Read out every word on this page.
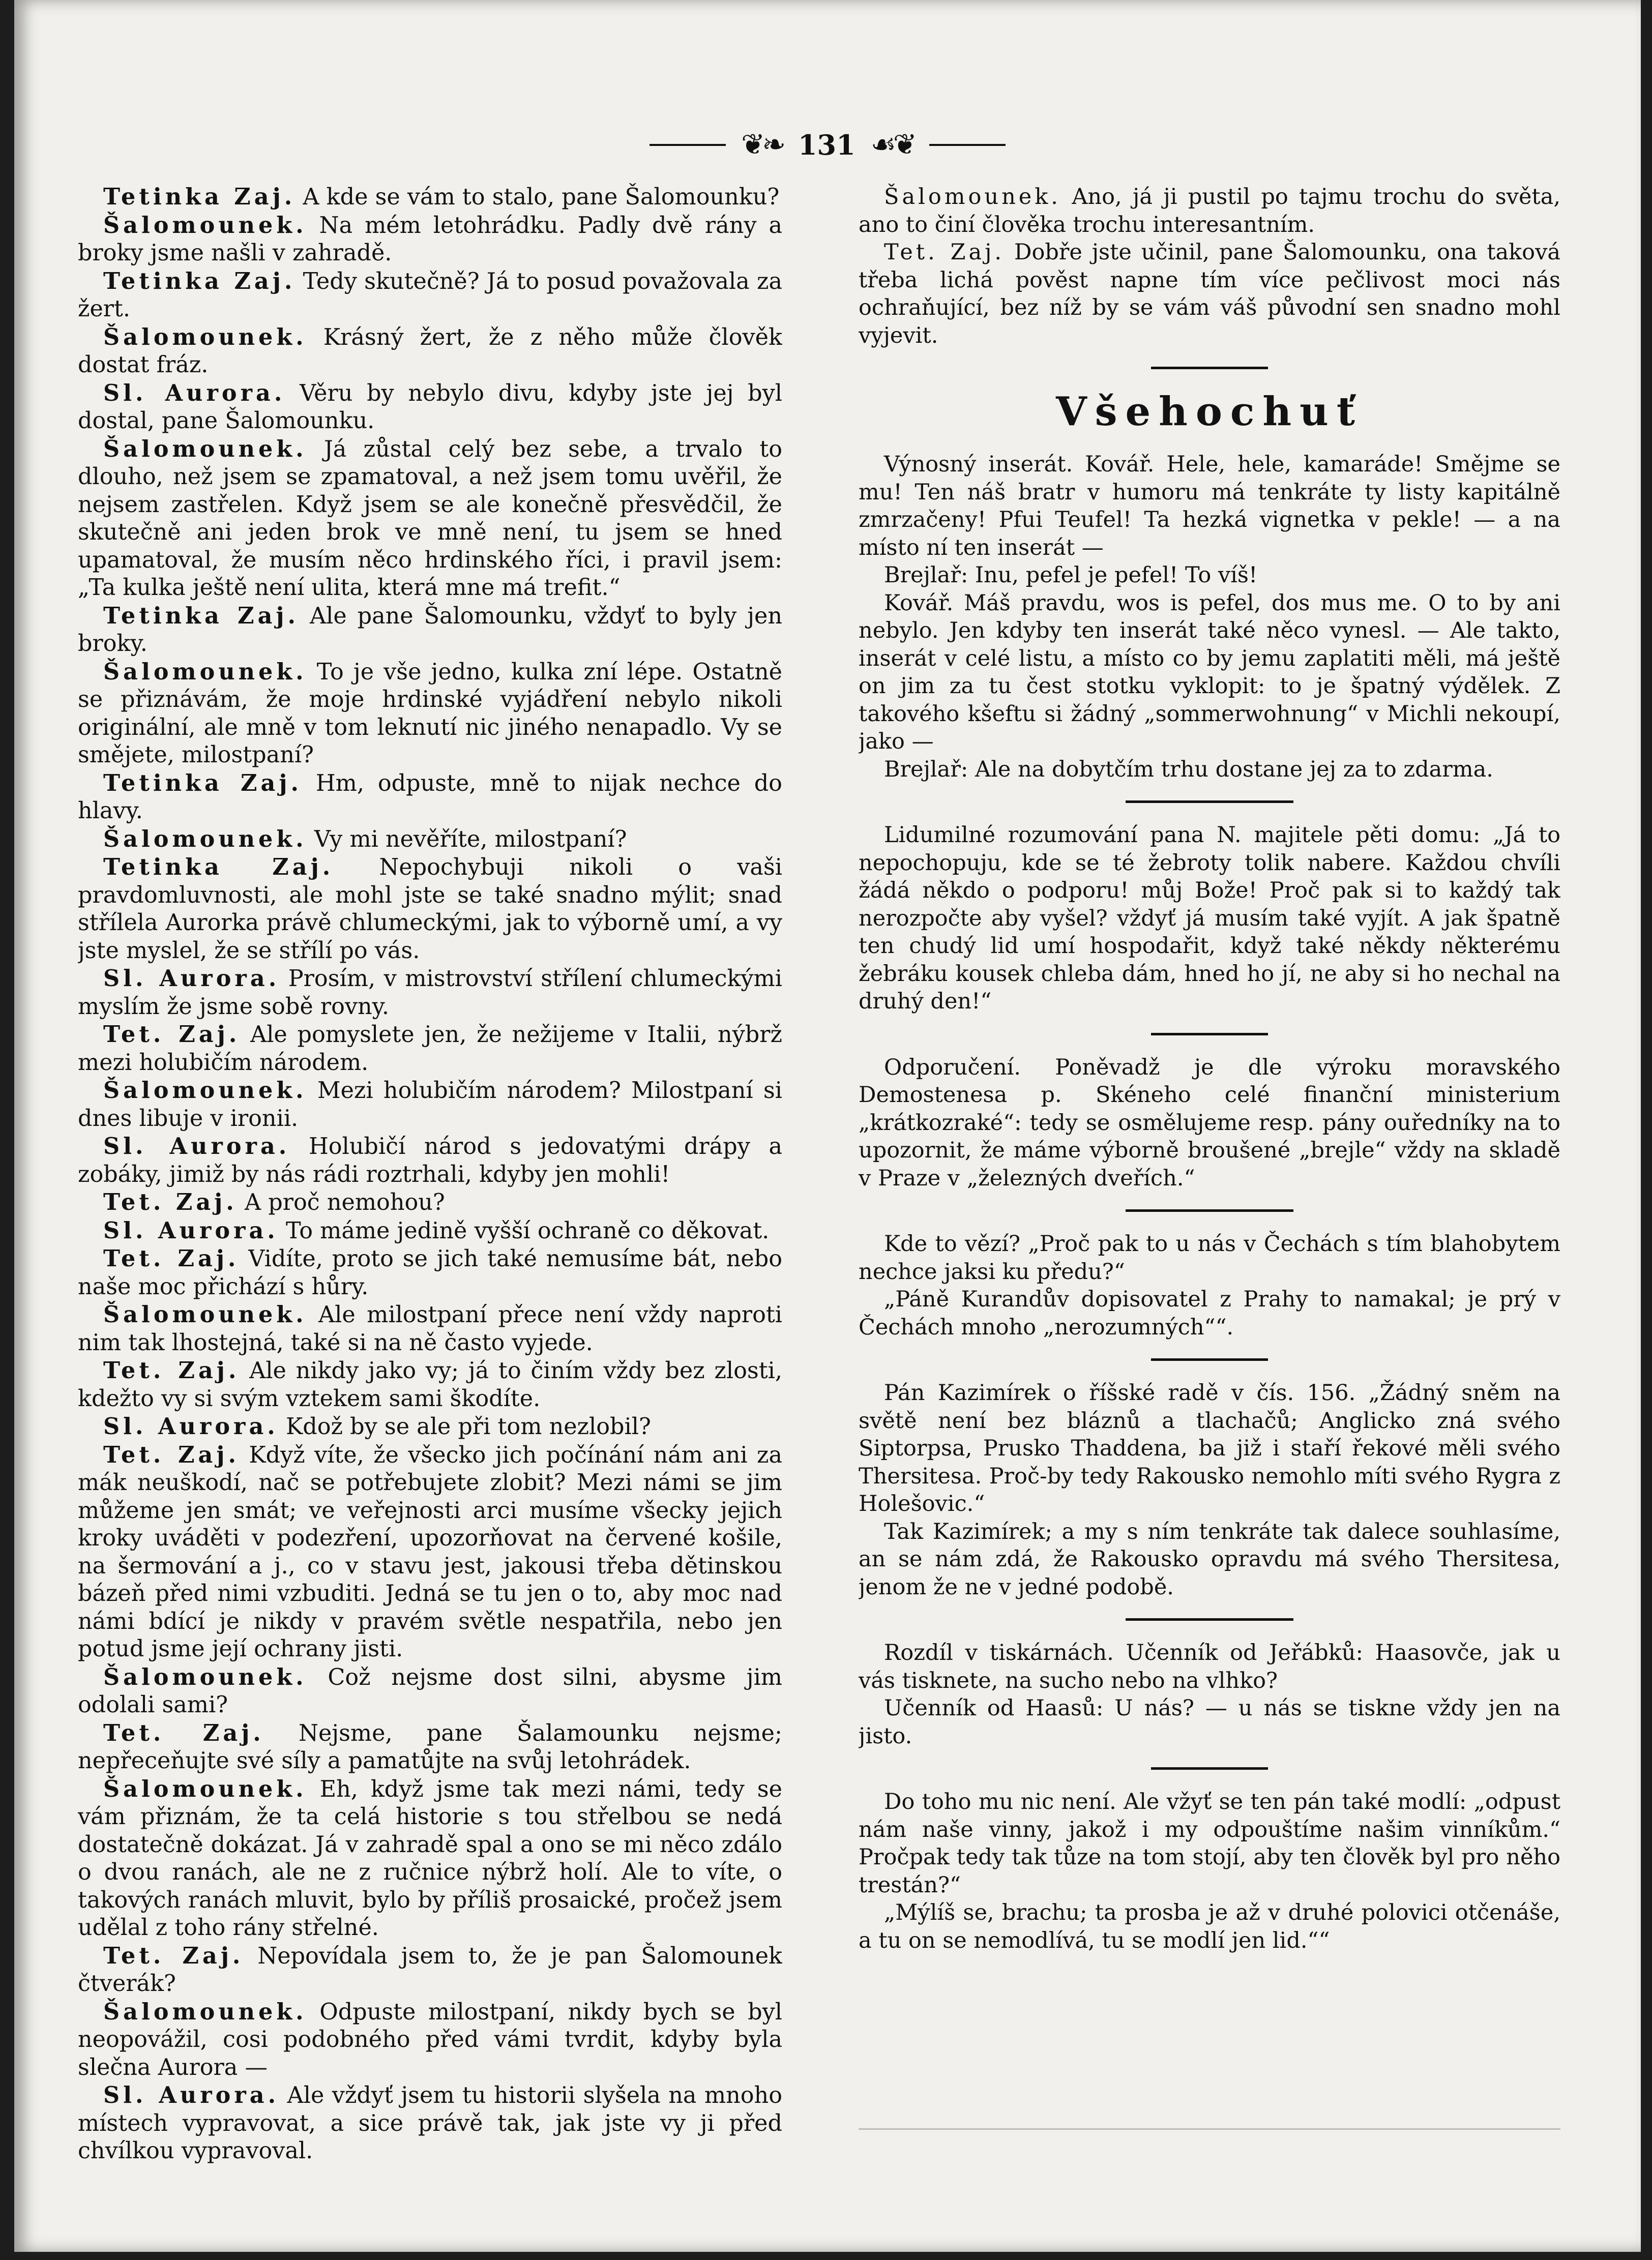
❦❧ 131 ☙❦

Tetinka Zaj. A kde se vám to stalo, pane Šalomounku?

Šalomounek. Na mém letohrádku. Padly dvě rány a broky jsme našli v zahradě.

Tetinka Zaj. Tedy skutečně? Já to posud považovala za žert.

Šalomounek. Krásný žert, že z něho může člověk dostat fráz.

Sl. Aurora. Věru by nebylo divu, kdyby jste jej byl dostal, pane Šalomounku.

Šalomounek. Já zůstal celý bez sebe, a trvalo to dlouho, než jsem se zpamatoval, a než jsem tomu uvěřil, že nejsem zastřelen. Když jsem se ale konečně přesvědčil, že skutečně ani jeden brok ve mně není, tu jsem se hned upamatoval, že musím něco hrdinského říci, i pravil jsem: „Ta kulka ještě není ulita, která mne má trefit.“

Tetinka Zaj. Ale pane Šalomounku, vždyť to byly jen broky.

Šalomounek. To je vše jedno, kulka zní lépe. Ostatně se přiznávám, že moje hrdinské vyjádření nebylo nikoli originální, ale mně v tom leknutí nic jiného nenapadlo. Vy se smějete, milostpaní?

Tetinka Zaj. Hm, odpuste, mně to nijak nechce do hlavy.

Šalomounek. Vy mi nevěříte, milostpaní?

Tetinka Zaj. Nepochybuji nikoli o vaši pravdomluvnosti, ale mohl jste se také snadno mýlit; snad střílela Aurorka právě chlumeckými, jak to výborně umí, a vy jste myslel, že se střílí po vás.

Sl. Aurora. Prosím, v mistrovství střílení chlumeckými myslím že jsme sobě rovny.

Tet. Zaj. Ale pomyslete jen, že nežijeme v Italii, nýbrž mezi holubičím národem.

Šalomounek. Mezi holubičím národem? Milostpaní si dnes libuje v ironii.

Sl. Aurora. Holubičí národ s jedovatými drápy a zobáky, jimiž by nás rádi roztrhali, kdyby jen mohli!

Tet. Zaj. A proč nemohou?

Sl. Aurora. To máme jedině vyšší ochraně co děkovat.

Tet. Zaj. Vidíte, proto se jich také nemusíme bát, nebo naše moc přichází s hůry.

Šalomounek. Ale milostpaní přece není vždy naproti nim tak lhostejná, také si na ně často vyjede.

Tet. Zaj. Ale nikdy jako vy; já to činím vždy bez zlosti, kdežto vy si svým vztekem sami škodíte.

Sl. Aurora. Kdož by se ale při tom nezlobil?

Tet. Zaj. Když víte, že všecko jich počínání nám ani za mák neuškodí, nač se potřebujete zlobit? Mezi námi se jim můžeme jen smát; ve veřejnosti arci musíme všecky jejich kroky uváděti v podezření, upozorňovat na červené košile, na šermování a j., co v stavu jest, jakousi třeba dětinskou bázeň před nimi vzbuditi. Jedná se tu jen o to, aby moc nad námi bdící je nikdy v pravém světle nespatřila, nebo jen potud jsme její ochrany jisti.

Šalomounek. Což nejsme dost silni, abysme jim odolali sami?

Tet. Zaj. Nejsme, pane Šalamounku nejsme; nepřeceňujte své síly a pamatůjte na svůj letohrádek.

Šalomounek. Eh, když jsme tak mezi námi, tedy se vám přiznám, že ta celá historie s tou střelbou se nedá dostatečně dokázat. Já v zahradě spal a ono se mi něco zdálo o dvou ranách, ale ne z ručnice nýbrž holí. Ale to víte, o takových ranách mluvit, bylo by příliš prosaické, pročež jsem udělal z toho rány střelné.

Tet. Zaj. Nepovídala jsem to, že je pan Šalomounek čtverák?

Šalomounek. Odpuste milostpaní, nikdy bych se byl neopovážil, cosi podobného před vámi tvrdit, kdyby byla slečna Aurora —

Sl. Aurora. Ale vždyť jsem tu historii slyšela na mnoho místech vypravovat, a sice právě tak, jak jste vy ji před chvílkou vypravoval.

Šalomounek. Ano, já ji pustil po tajmu trochu do světa, ano to činí člověka trochu interesantním.

Tet. Zaj. Dobře jste učinil, pane Šalomounku, ona taková třeba lichá pověst napne tím více pečlivost moci nás ochraňující, bez níž by se vám váš původní sen snadno mohl vyjevit.

Všehochuť

Výnosný inserát. Kovář. Hele, hele, kamaráde! Smějme se mu! Ten náš bratr v humoru má tenkráte ty listy kapitálně zmrzačeny! Pfui Teufel! Ta hezká vignetka v pekle! — a na místo ní ten inserát —

Brejlař: Inu, pefel je pefel! To víš!

Kovář. Máš pravdu, wos is pefel, dos mus me. O to by ani nebylo. Jen kdyby ten inserát také něco vynesl. — Ale takto, inserát v celé listu, a místo co by jemu zaplatiti měli, má ještě on jim za tu čest stotku vyklopit: to je špatný výdělek. Z takového kšeftu si žádný „sommerwohnung“ v Michli nekoupí, jako —

Brejlař: Ale na dobytčím trhu dostane jej za to zdarma.

Lidumilné rozumování pana N. majitele pěti domu: „Já to nepochopuju, kde se té žebroty tolik nabere. Každou chvíli žádá někdo o podporu! můj Bože! Proč pak si to každý tak nerozpočte aby vyšel? vždyť já musím také vyjít. A jak špatně ten chudý lid umí hospodařit, když také někdy některému žebráku kousek chleba dám, hned ho jí, ne aby si ho nechal na druhý den!“

Odporučení. Poněvadž je dle výroku moravského Demostenesa p. Skéneho celé finanční ministerium „krátkozraké“: tedy se osmělujeme resp. pány ouředníky na to upozornit, že máme výborně broušené „brejle“ vždy na skladě v Praze v „železných dveřích.“

Kde to vězí? „Proč pak to u nás v Čechách s tím blahobytem nechce jaksi ku předu?“

„Páně Kurandův dopisovatel z Prahy to namakal; je prý v Čechách mnoho „nerozumných““.

Pán Kazimírek o říšské radě v čís. 156. „Žádný sněm na světě není bez bláznů a tlachačů; Anglicko zná svého Siptorpsa, Prusko Thaddena, ba již i staří řekové měli svého Thersitesa. Proč-by tedy Rakousko nemohlo míti svého Rygra z Holešovic.“

Tak Kazimírek; a my s ním tenkráte tak dalece souhlasíme, an se nám zdá, že Rakousko opravdu má svého Thersitesa, jenom že ne v jedné podobě.

Rozdíl v tiskárnách. Učenník od Jeřábků: Haasovče, jak u vás tisknete, na sucho nebo na vlhko?

Učenník od Haasů: U nás? — u nás se tiskne vždy jen na jisto.

Do toho mu nic není. Ale vžyť se ten pán také modlí: „odpust nám naše vinny, jakož i my odpouštíme našim vinníkům.“ Pročpak tedy tak tůze na tom stojí, aby ten člověk byl pro něho trestán?“

„Mýlíš se, brachu; ta prosba je až v druhé polovici otčenáše, a tu on se nemodlívá, tu se modlí jen lid.““
